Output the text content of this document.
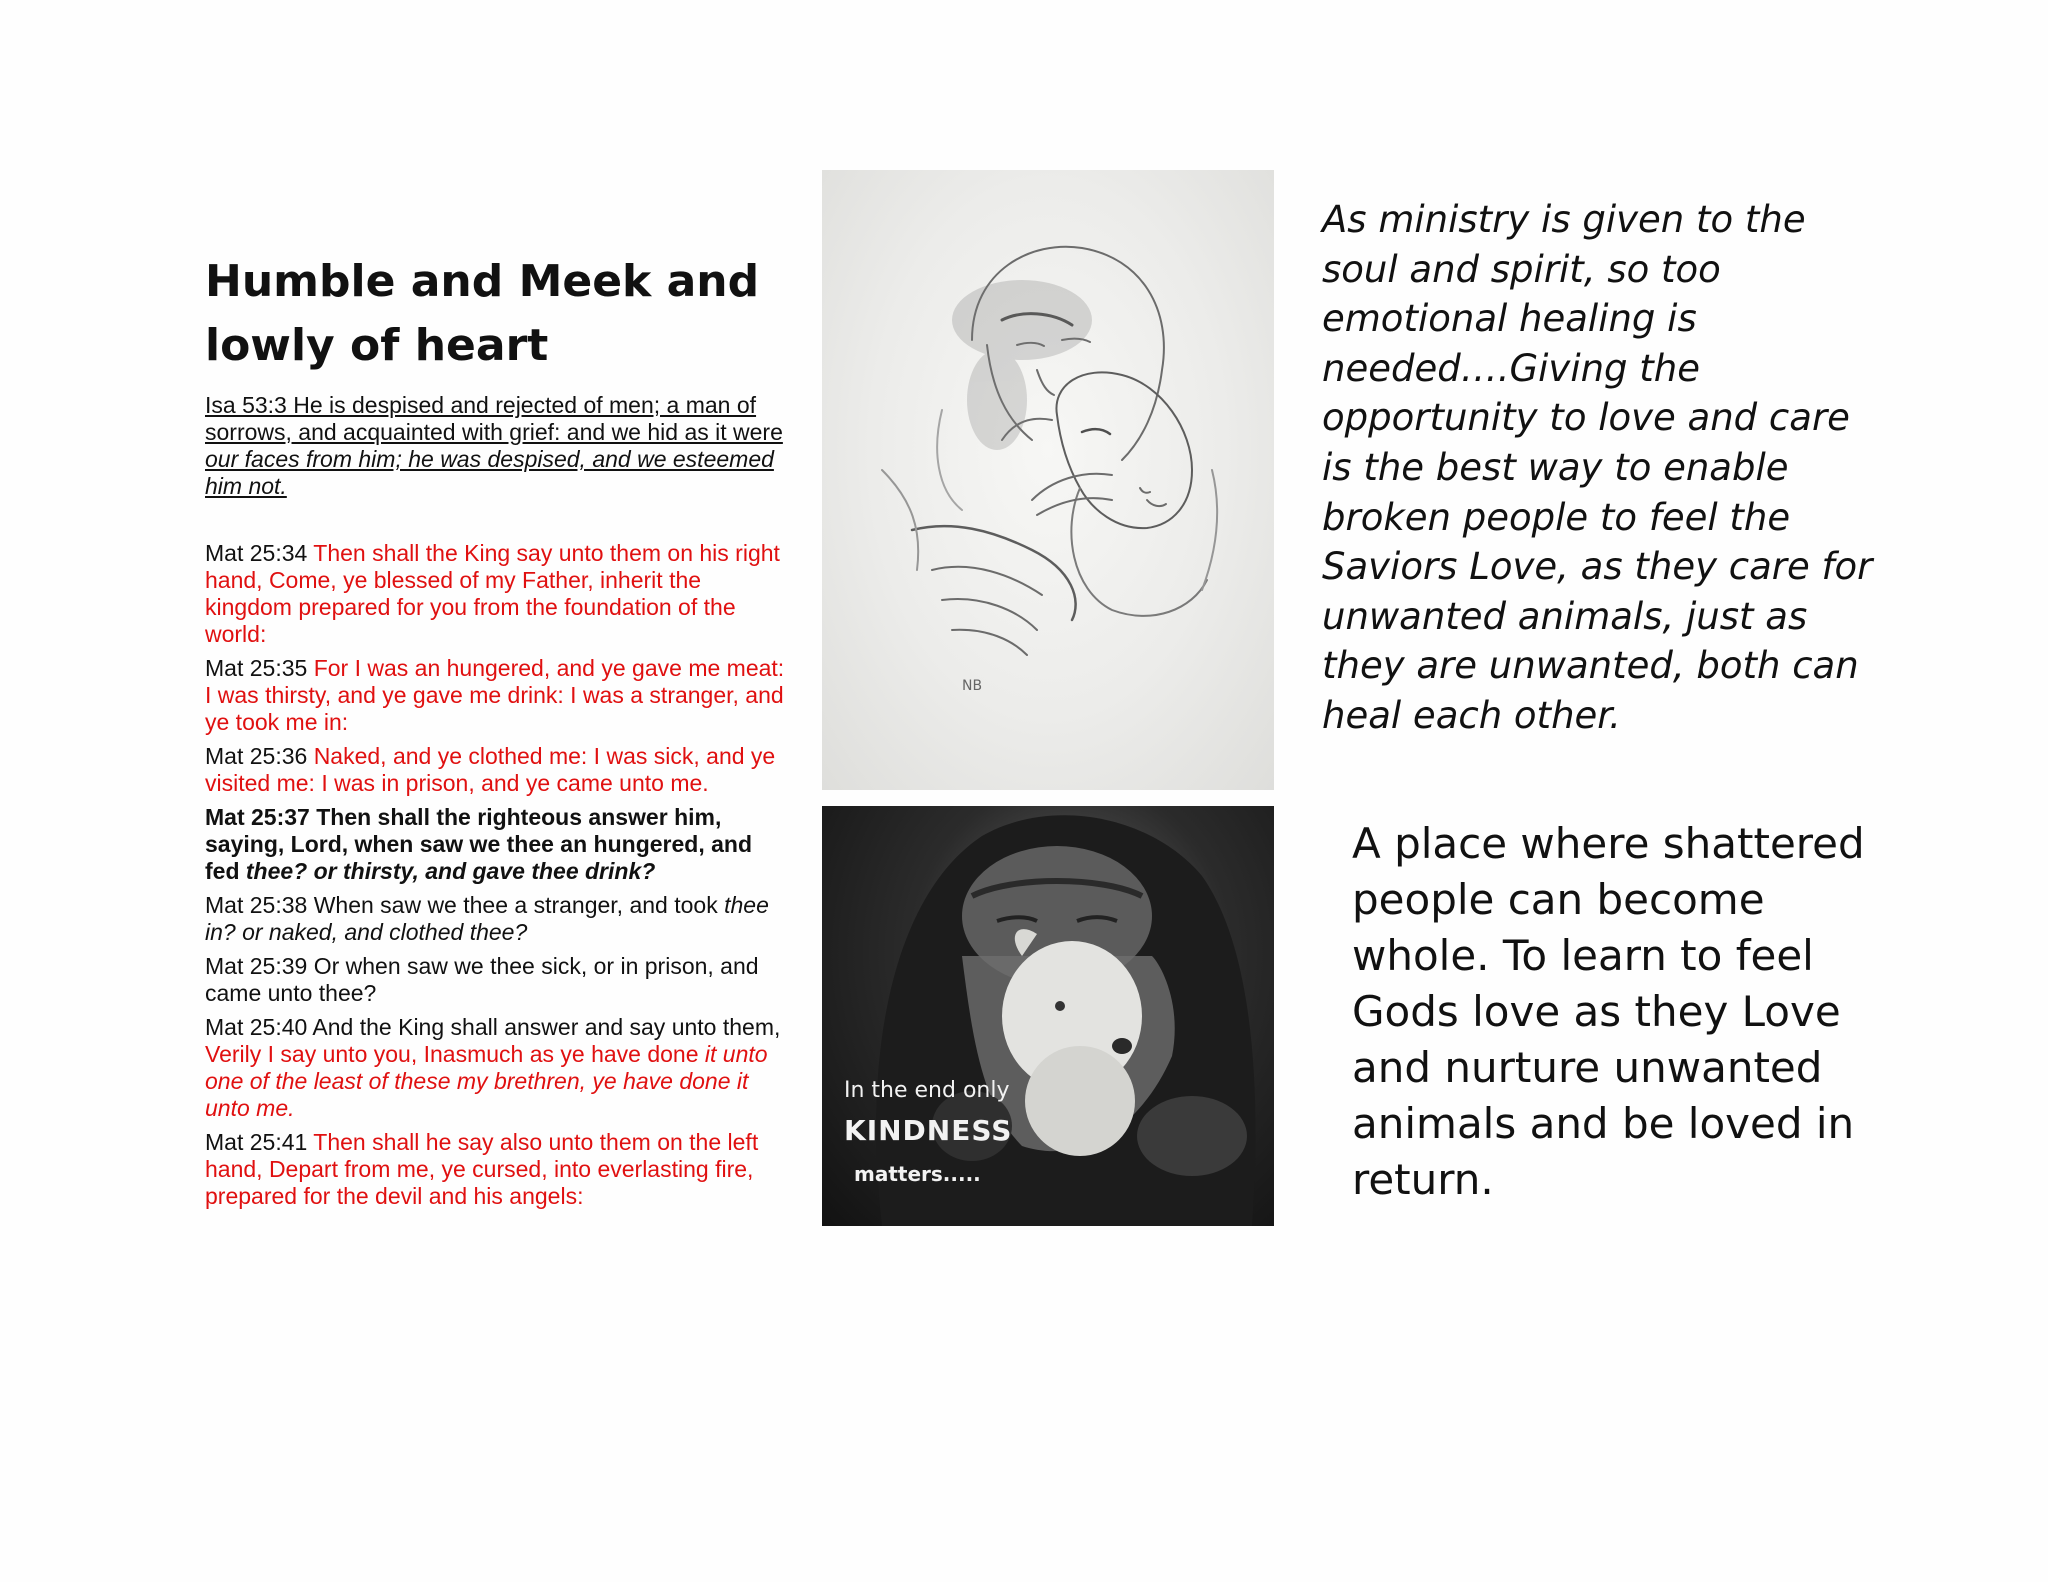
Humble and Meek and lowly of heart
Isa 53:3 He is despised and rejected of men; a man of sorrows, and acquainted with grief: and we hid as it were our faces from him; he was despised, and we esteemed him not.
Mat 25:34 Then shall the King say unto them on his right hand, Come, ye blessed of my Father, inherit the kingdom prepared for you from the foundation of the world:
Mat 25:35 For I was an hungered, and ye gave me meat: I was thirsty, and ye gave me drink: I was a stranger, and ye took me in:
Mat 25:36 Naked, and ye clothed me: I was sick, and ye visited me: I was in prison, and ye came unto me.
Mat 25:37 Then shall the righteous answer him, saying, Lord, when saw we thee an hungered, and fed thee? or thirsty, and gave thee drink?
Mat 25:38 When saw we thee a stranger, and took thee in? or naked, and clothed thee?
Mat 25:39 Or when saw we thee sick, or in prison, and came unto thee?
Mat 25:40 And the King shall answer and say unto them, Verily I say unto you, Inasmuch as ye have done it unto one of the least of these my brethren, ye have done it unto me.
Mat 25:41 Then shall he say also unto them on the left hand, Depart from me, ye cursed, into everlasting fire, prepared for the devil and his angels:
NB
In the end only
KINDNESS
matters.....
As ministry is given to the soul and spirit, so too emotional healing is needed….Giving the opportunity to love and care is the best way to enable broken people to feel the Saviors Love, as they care for unwanted animals, just as they are unwanted, both can heal each other.
A place where shattered people can become whole. To learn to feel Gods love as they Love and nurture unwanted animals and be loved in return.
